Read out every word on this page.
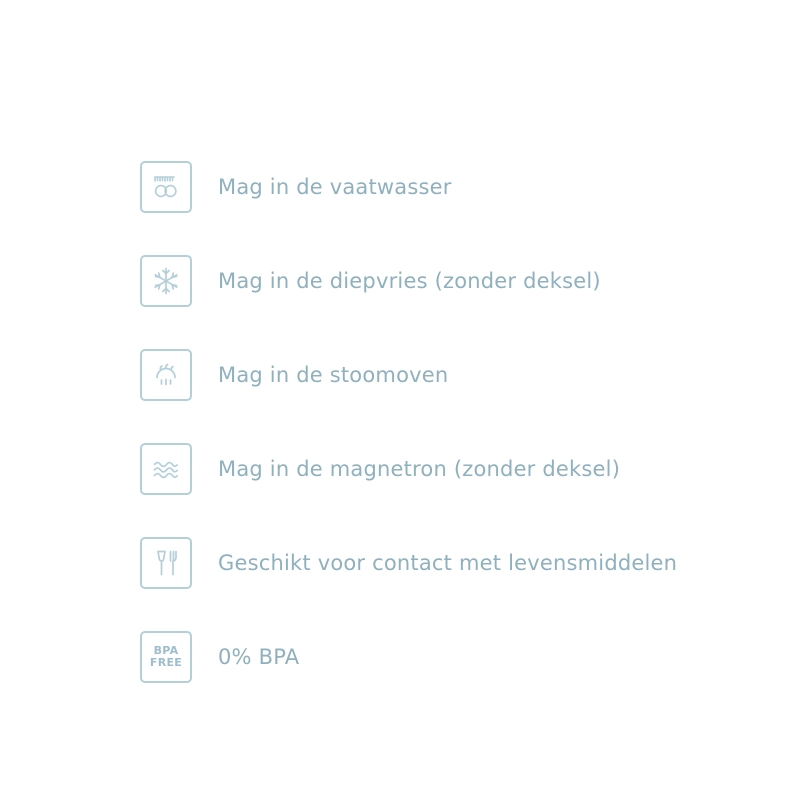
Mag in de vaatwasser
Mag in de diepvries (zonder deksel)
Mag in de stoomoven
Mag in de magnetron (zonder deksel)
Geschikt voor contact met levensmiddelen
BPA
FREE 0% BPA
